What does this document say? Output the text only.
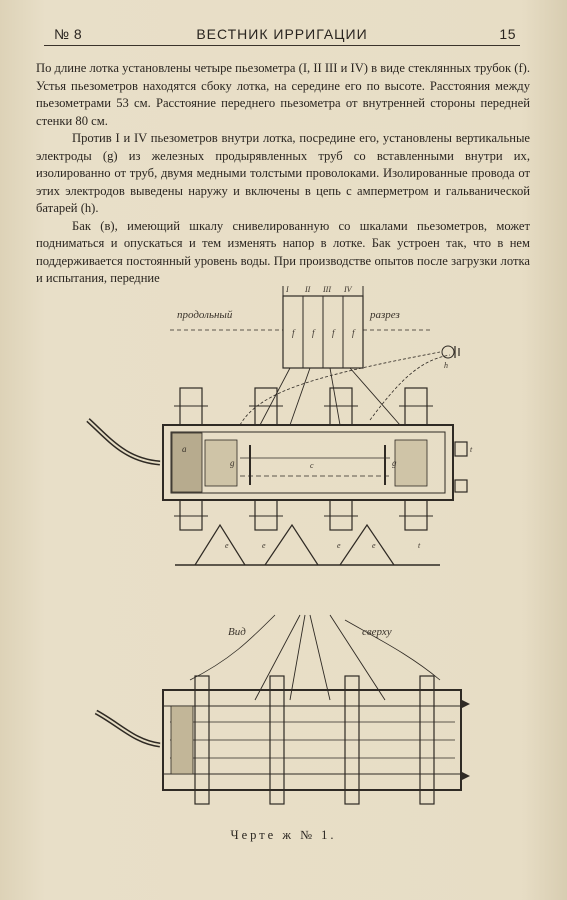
№ 8	ВЕСТНИК ИРРИГАЦИИ	15

По длине лотка установлены четыре пьезометра (I, II III и IV) в виде стеклянных трубок (f). Устья пьезометров находятся сбоку лотка, на середине его по высоте. Расстояния между пьезометрами 53 см. Расстояние переднего пьезометра от внутренней стороны передней стенки 80 см.

Против I и IV пьезометров внутри лотка, посредине его, установлены вертикальные электроды (g) из железных продырявленных труб со вставленными внутри их, изолированно от труб, двумя медными толстыми проволоками. Изолированные провода от этих электродов выведены наружу и включены в цепь с амперметром и гальванической батарей (h).

Бак (в), имеющий шкалу снивелированную со шкалами пьезометров, может подниматься и опускаться и тем изменять напор в лотке. Бак устроен так, что в нем поддерживается постоянный уровень воды. При производстве опытов после загрузки лотка и испытания, передние

продольный	разрез
I II III IV
Вид	сверху
a
g	c	g
f f f f
h
t
e	e	e	e	t
Черте ж № 1.
